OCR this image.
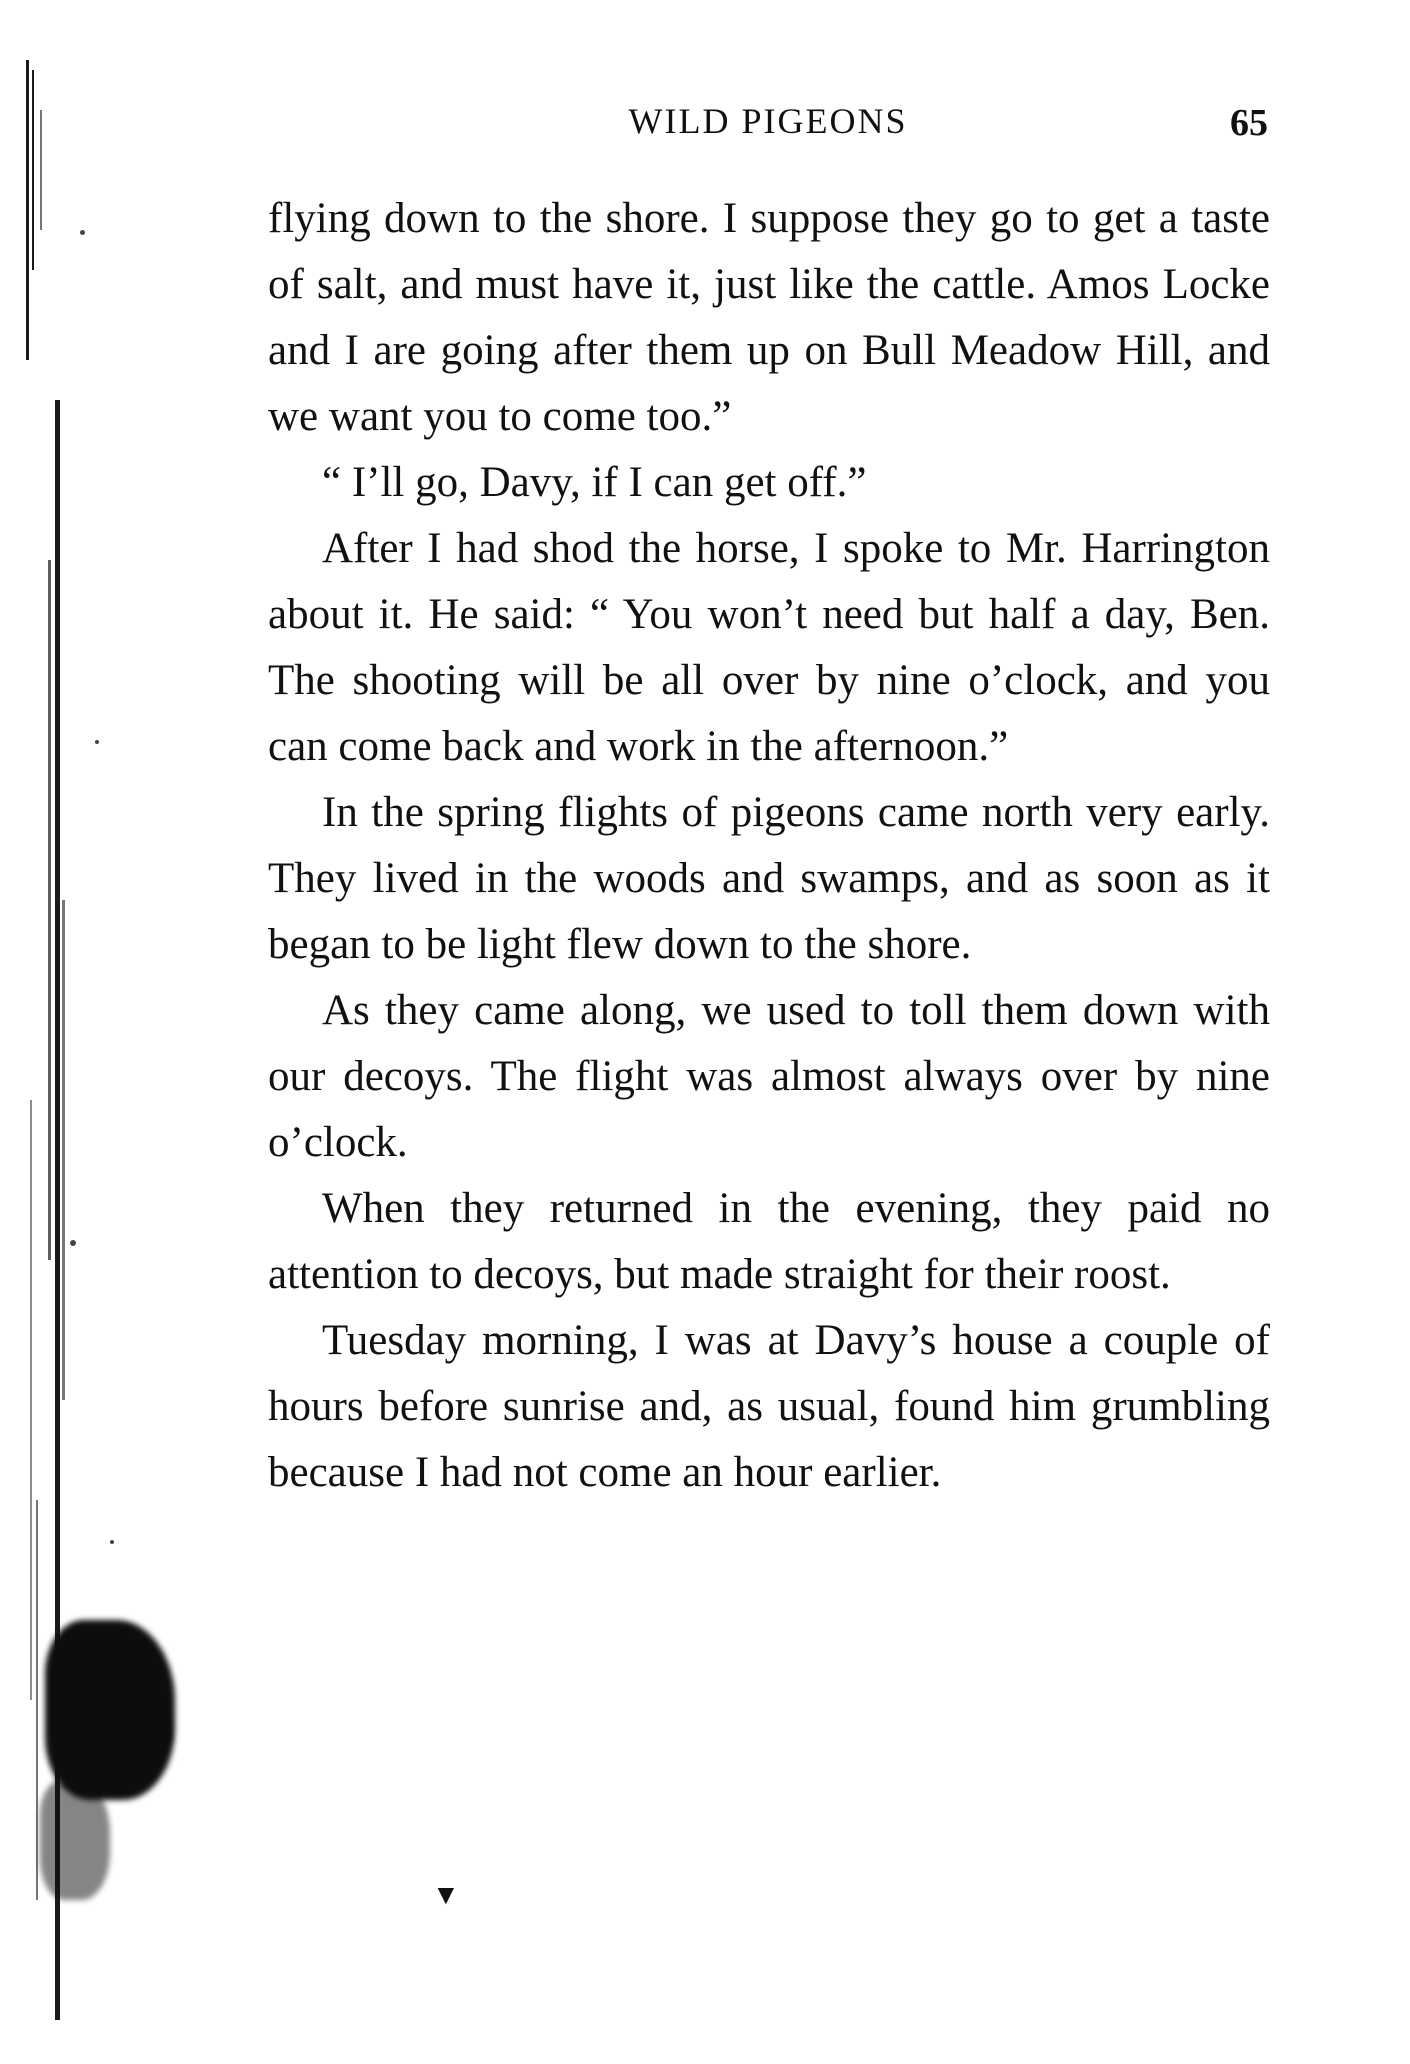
WILD PIGEONS	65

flying down to the shore. I suppose they go to get a taste of salt, and must have it, just like the cattle. Amos Locke and I are going after them up on Bull Meadow Hill, and we want you to come too.”

“ I’ll go, Davy, if I can get off.”

After I had shod the horse, I spoke to Mr. Harrington about it. He said: “ You won’t need but half a day, Ben. The shooting will be all over by nine o’clock, and you can come back and work in the afternoon.”

In the spring flights of pigeons came north very early. They lived in the woods and swamps, and as soon as it began to be light flew down to the shore.

As they came along, we used to toll them down with our decoys. The flight was almost always over by nine o’clock.

When they returned in the evening, they paid no attention to decoys, but made straight for their roost.

Tuesday morning, I was at Davy’s house a couple of hours before sunrise and, as usual, found him grumbling because I had not come an hour earlier.

▼
